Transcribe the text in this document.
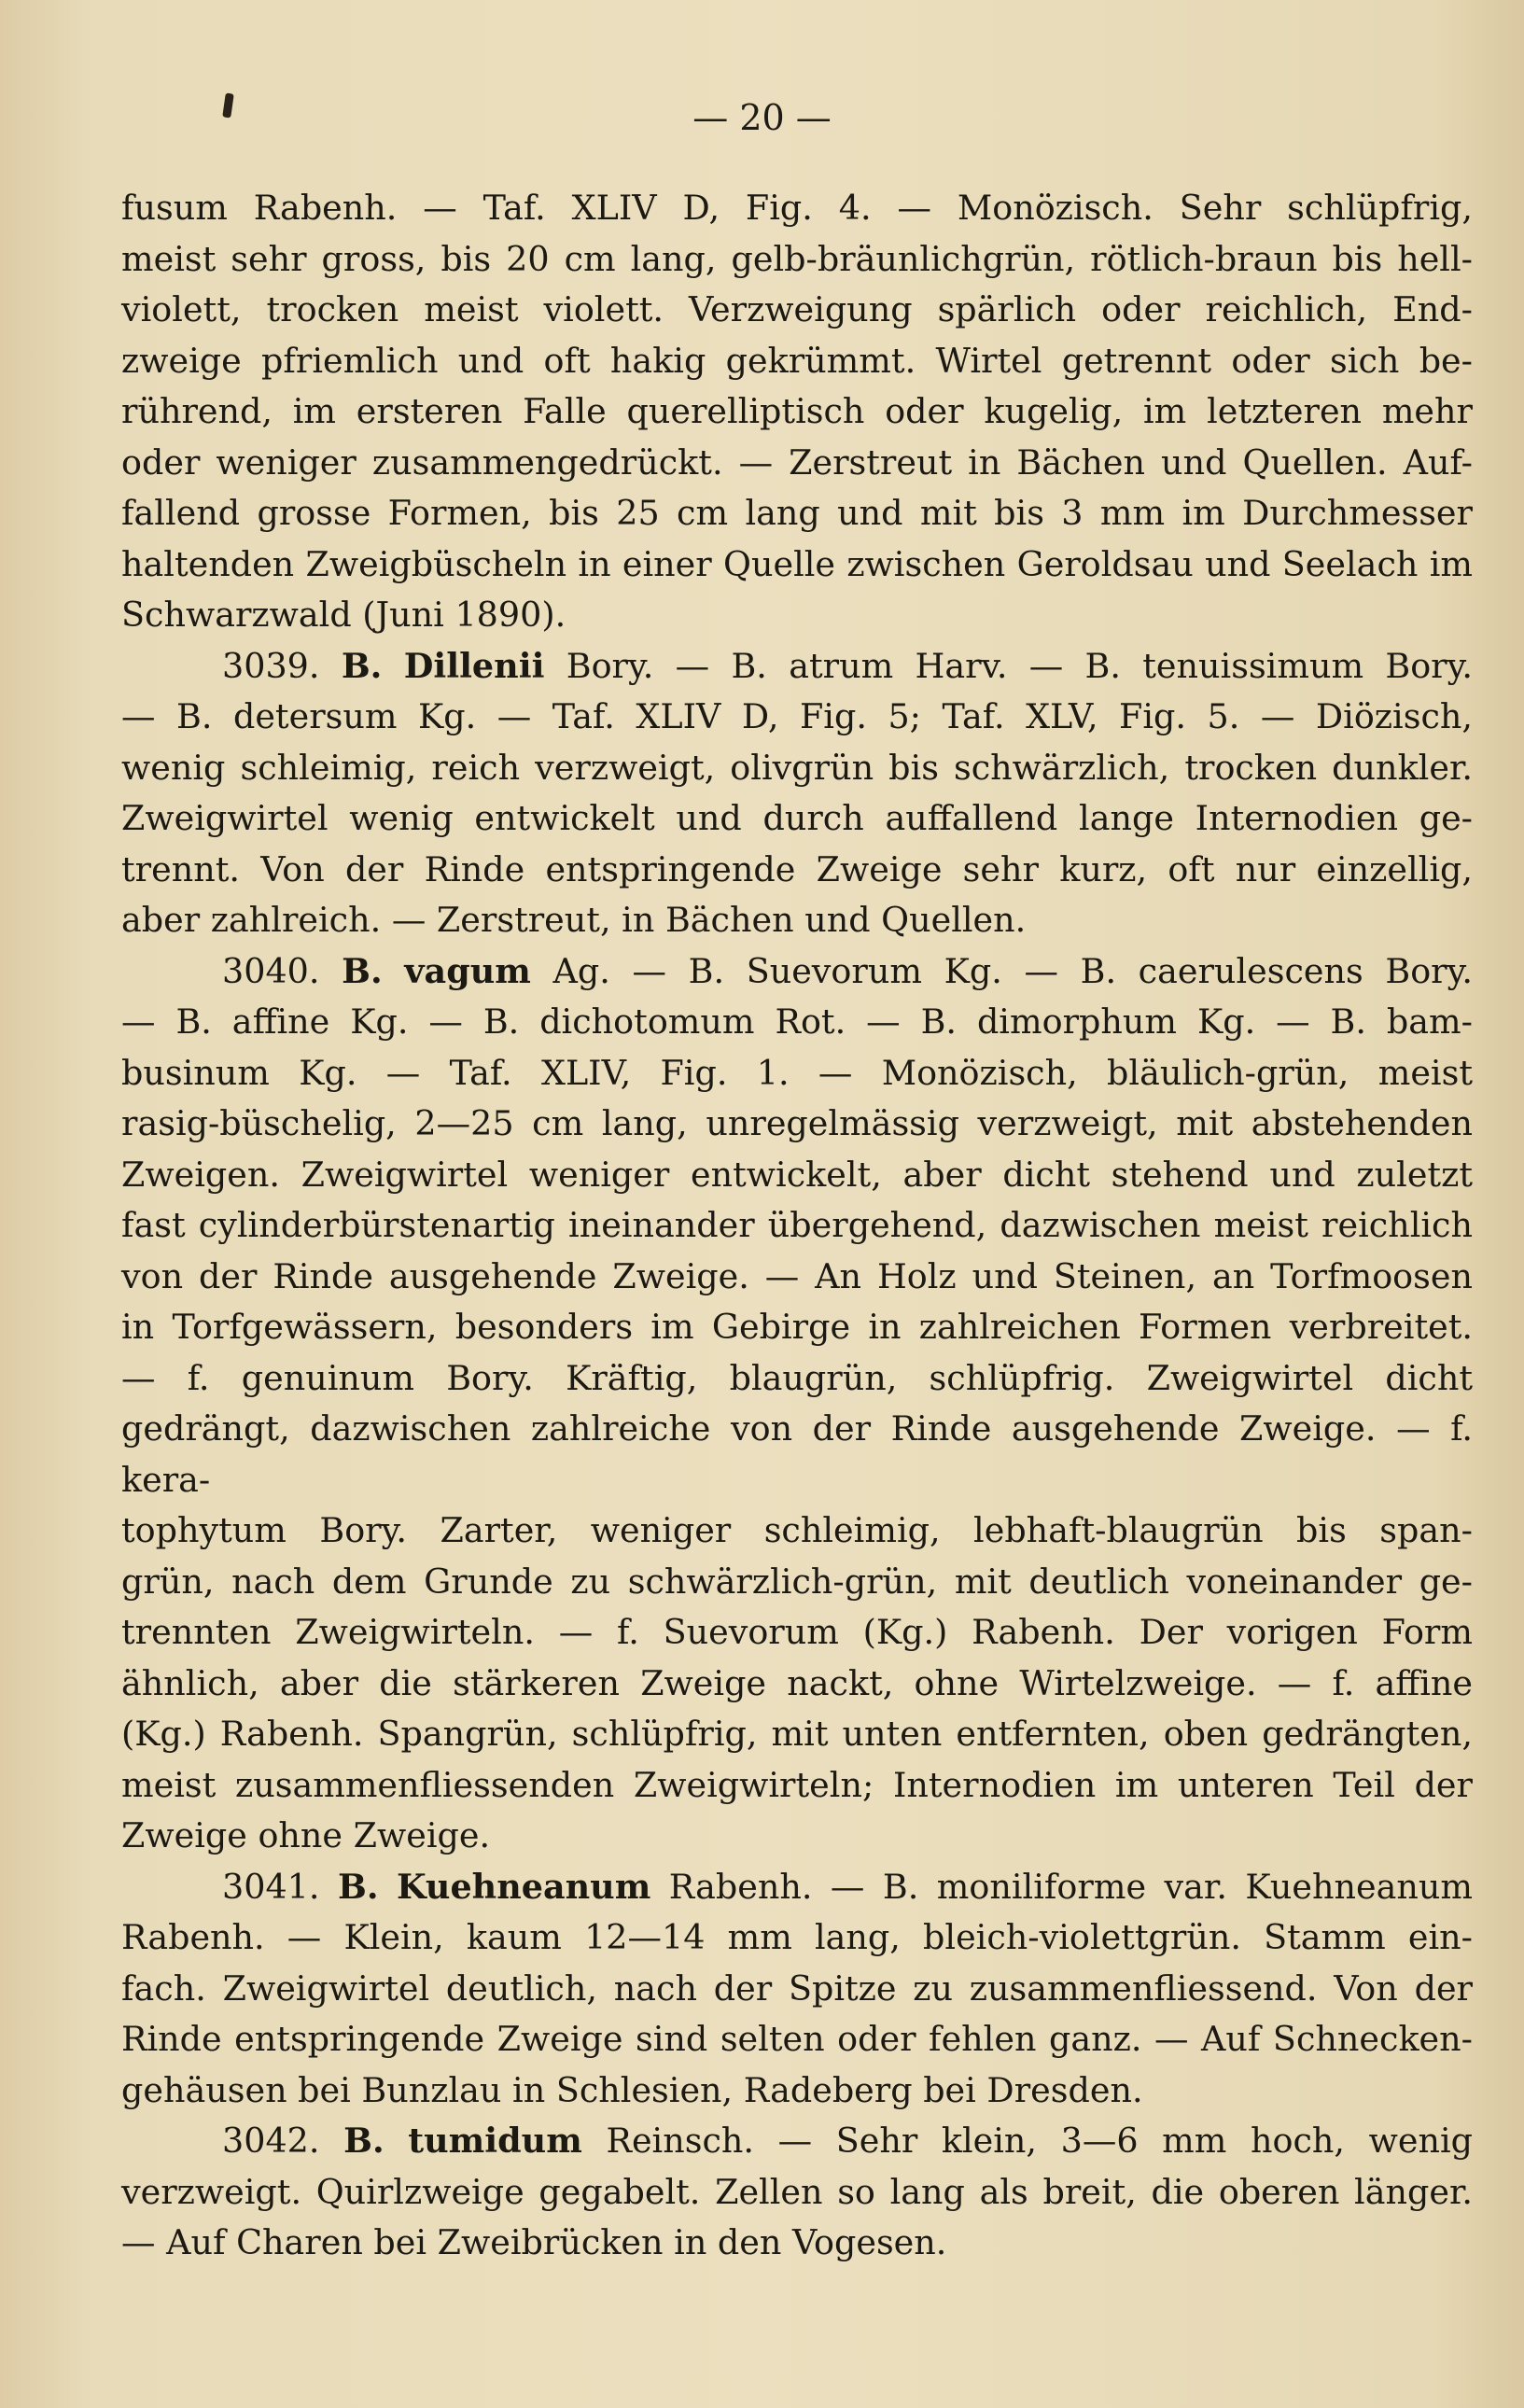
— 20 —
fusum Rabenh. — Taf. XLIV D, Fig. 4. — Monözisch. Sehr schlüpfrig,
meist sehr gross, bis 20 cm lang, gelb-bräunlichgrün, rötlich-braun bis hell-
violett, trocken meist violett. Verzweigung spärlich oder reichlich, End-
zweige pfriemlich und oft hakig gekrümmt. Wirtel getrennt oder sich be-
rührend, im ersteren Falle querelliptisch oder kugelig, im letzteren mehr
oder weniger zusammengedrückt. — Zerstreut in Bächen und Quellen. Auf-
fallend grosse Formen, bis 25 cm lang und mit bis 3 mm im Durchmesser
haltenden Zweigbüscheln in einer Quelle zwischen Geroldsau und Seelach im
Schwarzwald (Juni 1890).
3039. B. Dillenii Bory. — B. atrum Harv. — B. tenuissimum Bory.
— B. detersum Kg. — Taf. XLIV D, Fig. 5; Taf. XLV, Fig. 5. — Diözisch,
wenig schleimig, reich verzweigt, olivgrün bis schwärzlich, trocken dunkler.
Zweigwirtel wenig entwickelt und durch auffallend lange Internodien ge-
trennt. Von der Rinde entspringende Zweige sehr kurz, oft nur einzellig,
aber zahlreich. — Zerstreut, in Bächen und Quellen.
3040. B. vagum Ag. — B. Suevorum Kg. — B. caerulescens Bory.
— B. affine Kg. — B. dichotomum Rot. — B. dimorphum Kg. — B. bam-
businum Kg. — Taf. XLIV, Fig. 1. — Monözisch, bläulich-grün, meist
rasig-büschelig, 2—25 cm lang, unregelmässig verzweigt, mit abstehenden
Zweigen. Zweigwirtel weniger entwickelt, aber dicht stehend und zuletzt
fast cylinderbürstenartig ineinander übergehend, dazwischen meist reichlich
von der Rinde ausgehende Zweige. — An Holz und Steinen, an Torfmoosen
in Torfgewässern, besonders im Gebirge in zahlreichen Formen verbreitet.
— f. genuinum Bory. Kräftig, blaugrün, schlüpfrig. Zweigwirtel dicht
gedrängt, dazwischen zahlreiche von der Rinde ausgehende Zweige. — f. kera-
tophytum Bory. Zarter, weniger schleimig, lebhaft-blaugrün bis span-
grün, nach dem Grunde zu schwärzlich-grün, mit deutlich voneinander ge-
trennten Zweigwirteln. — f. Suevorum (Kg.) Rabenh. Der vorigen Form
ähnlich, aber die stärkeren Zweige nackt, ohne Wirtelzweige. — f. affine
(Kg.) Rabenh. Spangrün, schlüpfrig, mit unten entfernten, oben gedrängten,
meist zusammenfliessenden Zweigwirteln; Internodien im unteren Teil der
Zweige ohne Zweige.
3041. B. Kuehneanum Rabenh. — B. moniliforme var. Kuehneanum
Rabenh. — Klein, kaum 12—14 mm lang, bleich-violettgrün. Stamm ein-
fach. Zweigwirtel deutlich, nach der Spitze zu zusammenfliessend. Von der
Rinde entspringende Zweige sind selten oder fehlen ganz. — Auf Schnecken-
gehäusen bei Bunzlau in Schlesien, Radeberg bei Dresden.
3042. B. tumidum Reinsch. — Sehr klein, 3—6 mm hoch, wenig
verzweigt. Quirlzweige gegabelt. Zellen so lang als breit, die oberen länger.
— Auf Charen bei Zweibrücken in den Vogesen.
